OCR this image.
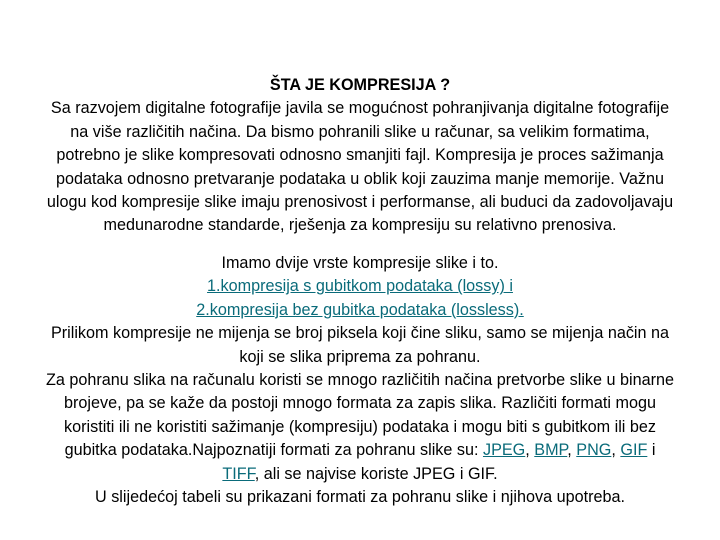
ŠTA JE KOMPRESIJA ?
Sa razvojem digitalne fotografije javila se mogućnost pohranjivanja digitalne fotografije
na više različitih načina. Da bismo pohranili slike u računar, sa velikim formatima,
potrebno je slike kompresovati odnosno smanjiti fajl. Kompresija je proces sažimanja
podataka odnosno pretvaranje podataka u oblik koji zauzima manje memorije. Važnu
ulogu kod kompresije slike imaju prenosivost i performanse, ali buduci da zadovoljavaju
medunarodne standarde, rješenja za kompresiju su relativno prenosiva.
Imamo dvije vrste kompresije slike i to.
1.kompresija s gubitkom podataka (lossy) i
2.kompresija bez gubitka podataka (lossless).
Prilikom kompresije ne mijenja se broj piksela koji čine sliku, samo se mijenja način na
koji se slika priprema za pohranu.
Za pohranu slika na računalu koristi se mnogo različitih načina pretvorbe slike u binarne
brojeve, pa se kaže da postoji mnogo formata za zapis slika. Različiti formati mogu
koristiti ili ne koristiti sažimanje (kompresiju) podataka i mogu biti s gubitkom ili bez
gubitka podataka.Najpoznatiji formati za pohranu slike su: JPEG, BMP, PNG, GIF i
TIFF, ali se najvise koriste JPEG i GIF.
U slijedećoj tabeli su prikazani formati za pohranu slike i njihova upotreba.
